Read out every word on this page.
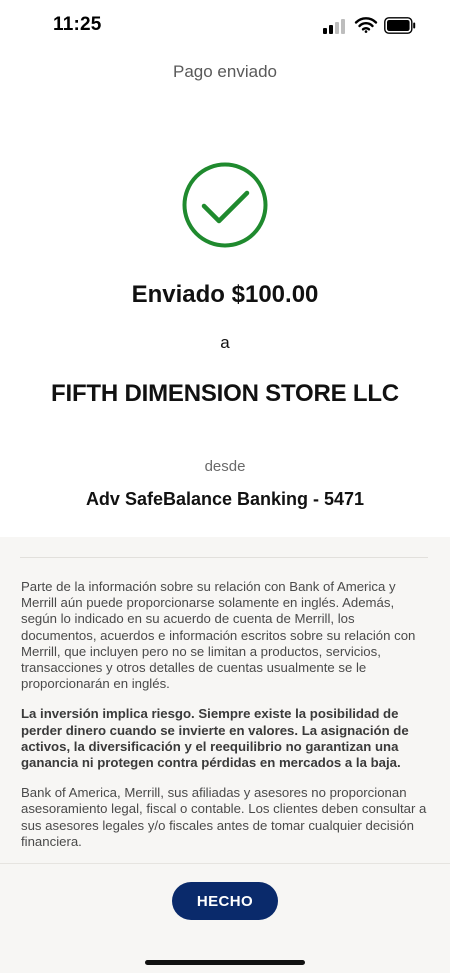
11:25
Pago enviado
Enviado $100.00
a
FIFTH DIMENSION STORE LLC
desde
Adv SafeBalance Banking - 5471

Parte de la información sobre su relación con Bank of America y Merrill aún puede proporcionarse solamente en inglés. Además, según lo indicado en su acuerdo de cuenta de Merrill, los documentos, acuerdos e información escritos sobre su relación con Merrill, que incluyen pero no se limitan a productos, servicios, transacciones y otros detalles de cuentas usualmente se le proporcionarán en inglés.

La inversión implica riesgo. Siempre existe la posibilidad de perder dinero cuando se invierte en valores. La asignación de activos, la diversificación y el reequilibrio no garantizan una ganancia ni protegen contra pérdidas en mercados a la baja.

Bank of America, Merrill, sus afiliadas y asesores no proporcionan asesoramiento legal, fiscal o contable. Los clientes deben consultar a sus asesores legales y/o fiscales antes de tomar cualquier decisión financiera.

HECHO
